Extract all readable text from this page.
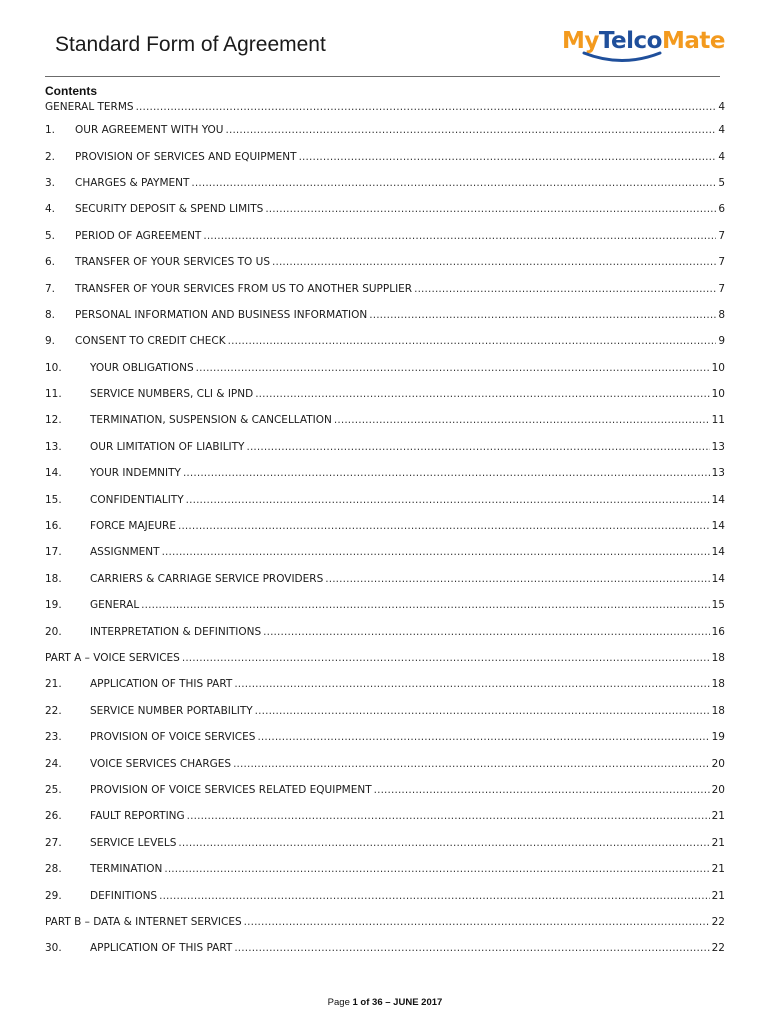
Standard Form of Agreement	MyTelcoMate
Contents
GENERAL TERMS . . .	4
1.	OUR AGREEMENT WITH YOU . . .	4
2.	PROVISION OF SERVICES AND EQUIPMENT . . .	4
3.	CHARGES & PAYMENT . . .	5
4.	SECURITY DEPOSIT & SPEND LIMITS . . .	6
5.	PERIOD OF AGREEMENT . . .	7
6.	TRANSFER OF YOUR SERVICES TO US . . .	7
7.	TRANSFER OF YOUR SERVICES FROM US TO ANOTHER SUPPLIER . . .	7
8.	PERSONAL INFORMATION AND BUSINESS INFORMATION . . .	8
9.	CONSENT TO CREDIT CHECK . . .	9
10.	YOUR OBLIGATIONS . . .	10
11.	SERVICE NUMBERS, CLI & IPND . . .	10
12.	TERMINATION, SUSPENSION & CANCELLATION . . .	11
13.	OUR LIMITATION OF LIABILITY . . .	13
14.	YOUR INDEMNITY . . .	13
15.	CONFIDENTIALITY . . .	14
16.	FORCE MAJEURE . . .	14
17.	ASSIGNMENT . . .	14
18.	CARRIERS & CARRIAGE SERVICE PROVIDERS . . .	14
19.	GENERAL . . .	15
20.	INTERPRETATION & DEFINITIONS . . .	16
PART A – VOICE SERVICES . . .	18
21.	APPLICATION OF THIS PART . . .	18
22.	SERVICE NUMBER PORTABILITY . . .	18
23.	PROVISION OF VOICE SERVICES . . .	19
24.	VOICE SERVICES CHARGES . . .	20
25.	PROVISION OF VOICE SERVICES RELATED EQUIPMENT . . .	20
26.	FAULT REPORTING . . .	21
27.	SERVICE LEVELS . . .	21
28.	TERMINATION . . .	21
29.	DEFINITIONS . . .	21
PART B – DATA & INTERNET SERVICES . . .	22
30.	APPLICATION OF THIS PART . . .	22
Page 1 of 36 – JUNE 2017
